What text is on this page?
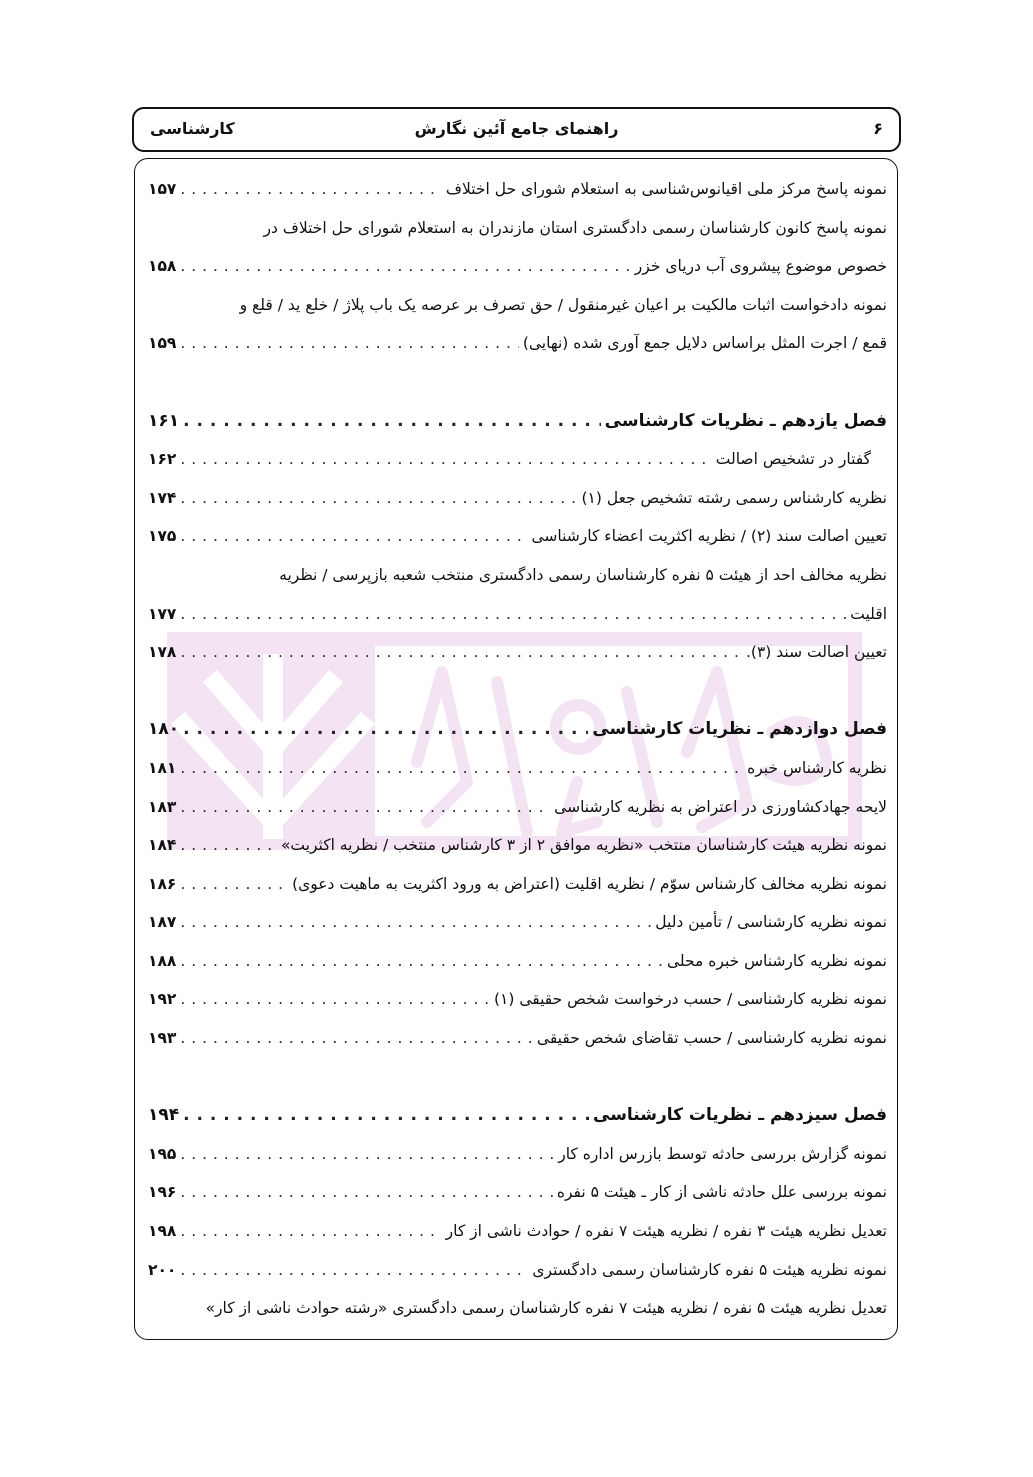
۶
راهنمای جامع آئین نگارش
کارشناسی
نمونه پاسخ مرکز ملی اقیانوس‌شناسی به استعلام شورای حل اختلاف
. . .
۱۵۷
نمونه پاسخ کانون کارشناسان رسمی دادگستری استان مازندران به استعلام شورای حل اختلاف در
خصوص موضوع پیشروی آب دریای خزر
. . .
۱۵۸
نمونه دادخواست اثبات مالکیت بر اعیان غیرمنقول / حق تصرف بر عرصه یک باب پلاژ / خلع ید / قلع و
قمع / اجرت المثل براساس دلایل جمع آوری شده (نهایی)
. . .
۱۵۹
فصل یازدهم ـ نظریات کارشناسی
. . .
۱۶۱
گفتار در تشخیص اصالت
. . .
۱۶۲
نظریه کارشناس رسمی رشته تشخیص جعل (۱)
. . .
۱۷۴
تعیین اصالت سند (۲) / نظریه اکثریت اعضاء کارشناسی
. . .
۱۷۵
نظریه مخالف احد از هیئت ۵ نفره کارشناسان رسمی دادگستری منتخب شعبه بازپرسی / نظریه
اقلیت
. . .
۱۷۷
تعیین اصالت سند (۳).
. . .
۱۷۸
فصل دوازدهم ـ نظریات کارشناسی
. . .
۱۸۰
نظریه کارشناس خبره
. . .
۱۸۱
لایحه جهادکشاورزی در اعتراض به نظریه کارشناسی
. . .
۱۸۳
نمونه نظریه هیئت کارشناسان منتخب «نظریه موافق ۲ از ۳ کارشناس منتخب / نظریه اکثریت»
. . .
۱۸۴
نمونه نظریه مخالف کارشناس سوّم / نظریه اقلیت (اعتراض به ورود اکثریت به ماهیت دعوی)
. . .
۱۸۶
نمونه نظریه کارشناسی / تأمین دلیل
. . .
۱۸۷
نمونه نظریه کارشناس خبره محلی
. . .
۱۸۸
نمونه نظریه کارشناسی / حسب درخواست شخص حقیقی (۱)
. . .
۱۹۲
نمونه نظریه کارشناسی / حسب تقاضای شخص حقیقی
. . .
۱۹۳
فصل سیزدهم ـ نظریات کارشناسی
. . .
۱۹۴
نمونه گزارش بررسی حادثه توسط بازرس اداره کار
. . .
۱۹۵
نمونه بررسی علل حادثه ناشی از کار ـ هیئت ۵ نفره
. . .
۱۹۶
تعدیل نظریه هیئت ۳ نفره / نظریه هیئت ۷ نفره / حوادث ناشی از کار
. . .
۱۹۸
نمونه نظریه هیئت ۵ نفره کارشناسان رسمی دادگستری
. . .
۲۰۰
تعدیل نظریه هیئت ۵ نفره / نظریه هیئت ۷ نفره کارشناسان رسمی دادگستری «رشته حوادث ناشی از کار»
